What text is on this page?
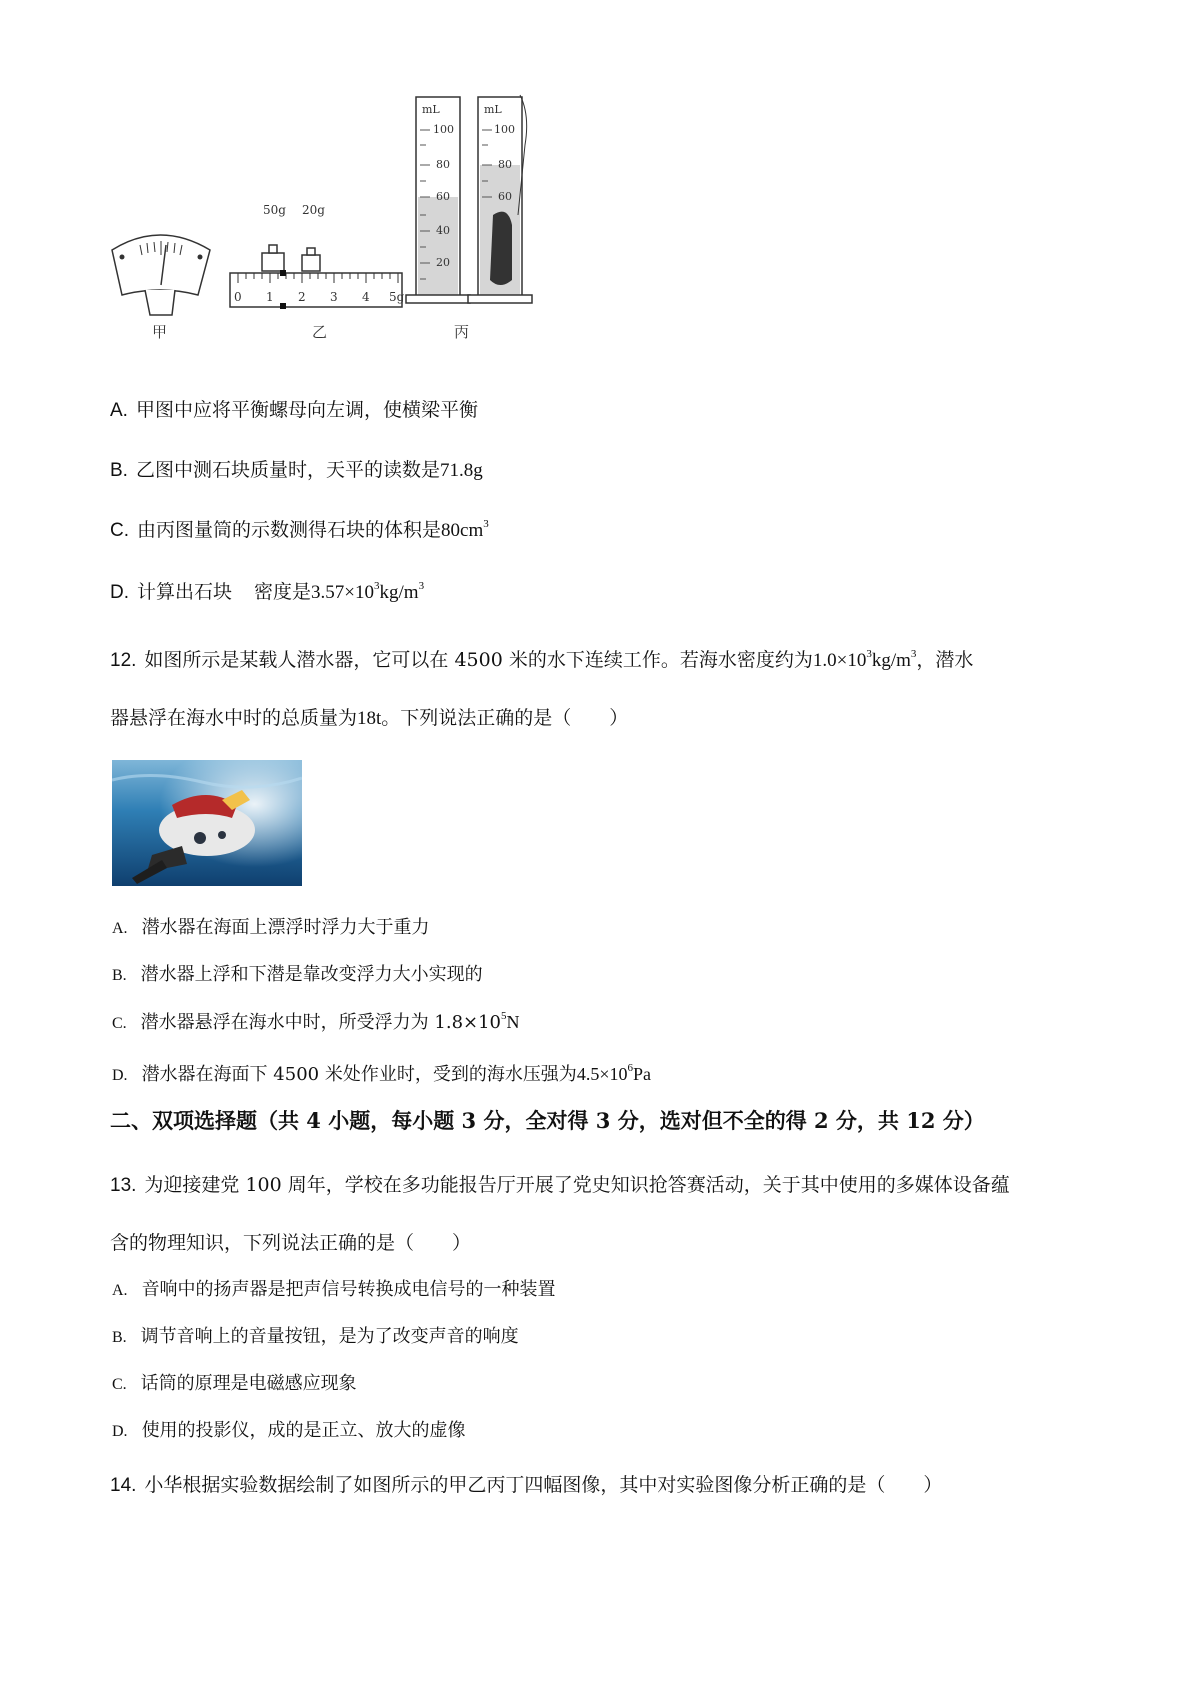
50g 20g
0 1 2 3 4 5g
mL
100
80
60
40
20
mL
100
80
60
甲	乙	丙
A. 甲图中应将平衡螺母向左调，使横梁平衡
B. 乙图中测石块质量时，天平的读数是71.8g
C. 由丙图量筒的示数测得石块的体积是$80cm^3$
D. 计算出石块 密度是$3.57\times 10^3kg/m^3$
12. 如图所示是某载人潜水器，它可以在 4500 米的水下连续工作。若海水密度约为$1.0\times 10^3kg/m^3$，潜水
器悬浮在海水中时的总质量为18t。下列说法正确的是（　　）
A. 潜水器在海面上漂浮时浮力大于重力
B. 潜水器上浮和下潜是靠改变浮力大小实现的
C. 潜水器悬浮在海水中时，所受浮力为 $1.8\times 10^5N$
D. 潜水器在海面下 4500 米处作业时，受到的海水压强为$4.5\times 10^6Pa$
二、双项选择题（共 4 小题，每小题 3 分，全对得 3 分，选对但不全的得 2 分，共 12 分）
13. 为迎接建党 100 周年，学校在多功能报告厅开展了党史知识抢答赛活动，关于其中使用的多媒体设备蕴
含的物理知识，下列说法正确的是（　　）
A. 音响中的扬声器是把声信号转换成电信号的一种装置
B. 调节音响上的音量按钮，是为了改变声音的响度
C. 话筒的原理是电磁感应现象
D. 使用的投影仪，成的是正立、放大的虚像
14. 小华根据实验数据绘制了如图所示的甲乙丙丁四幅图像，其中对实验图像分析正确的是（　　）
